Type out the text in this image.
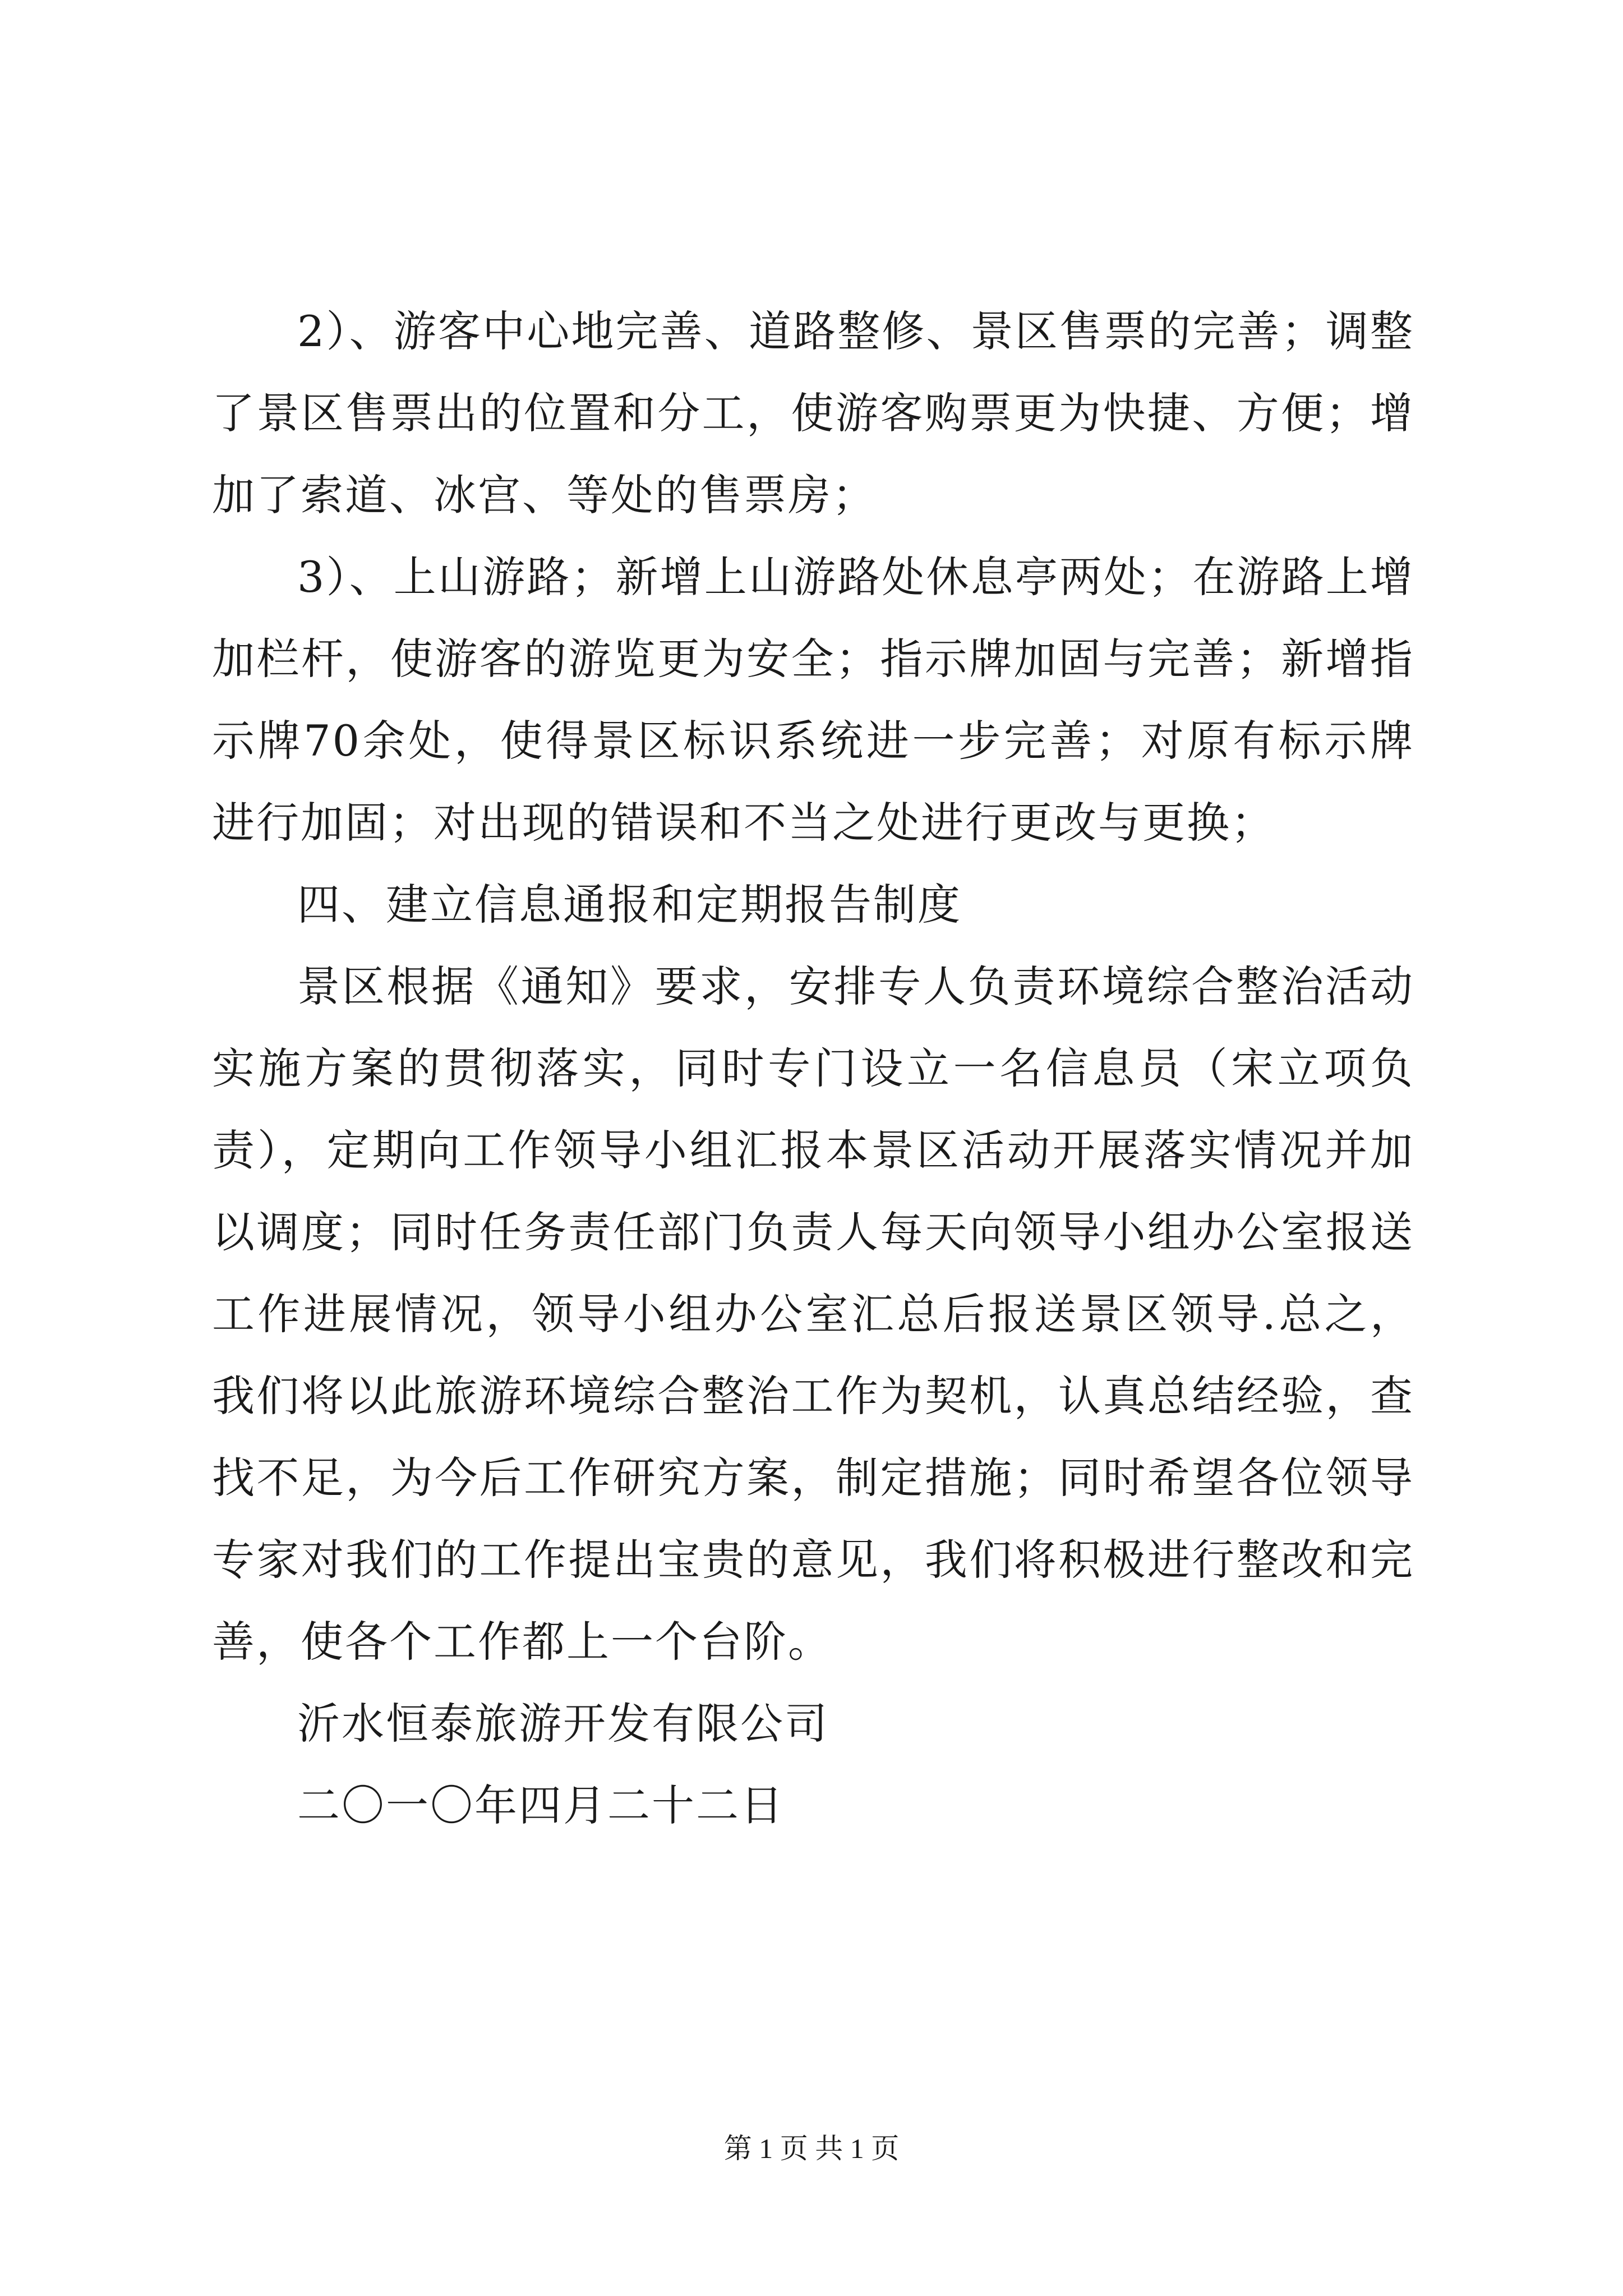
2）、游客中心地完善、道路整修、景区售票的完善；调整了景区售票出的位置和分工，使游客购票更为快捷、方便；增加了索道、冰宫、等处的售票房；

3）、上山游路；新增上山游路处休息亭两处；在游路上增加栏杆，使游客的游览更为安全；指示牌加固与完善；新增指示牌70余处，使得景区标识系统进一步完善；对原有标示牌进行加固；对出现的错误和不当之处进行更改与更换；

四、建立信息通报和定期报告制度

景区根据《通知》要求，安排专人负责环境综合整治活动实施方案的贯彻落实，同时专门设立一名信息员（宋立项负责），定期向工作领导小组汇报本景区活动开展落实情况并加以调度；同时任务责任部门负责人每天向领导小组办公室报送工作进展情况，领导小组办公室汇总后报送景区领导.总之，我们将以此旅游环境综合整治工作为契机，认真总结经验，查找不足，为今后工作研究方案，制定措施；同时希望各位领导专家对我们的工作提出宝贵的意见，我们将积极进行整改和完善，使各个工作都上一个台阶。

沂水恒泰旅游开发有限公司

二〇一〇年四月二十二日

第 1 页 共 1 页
